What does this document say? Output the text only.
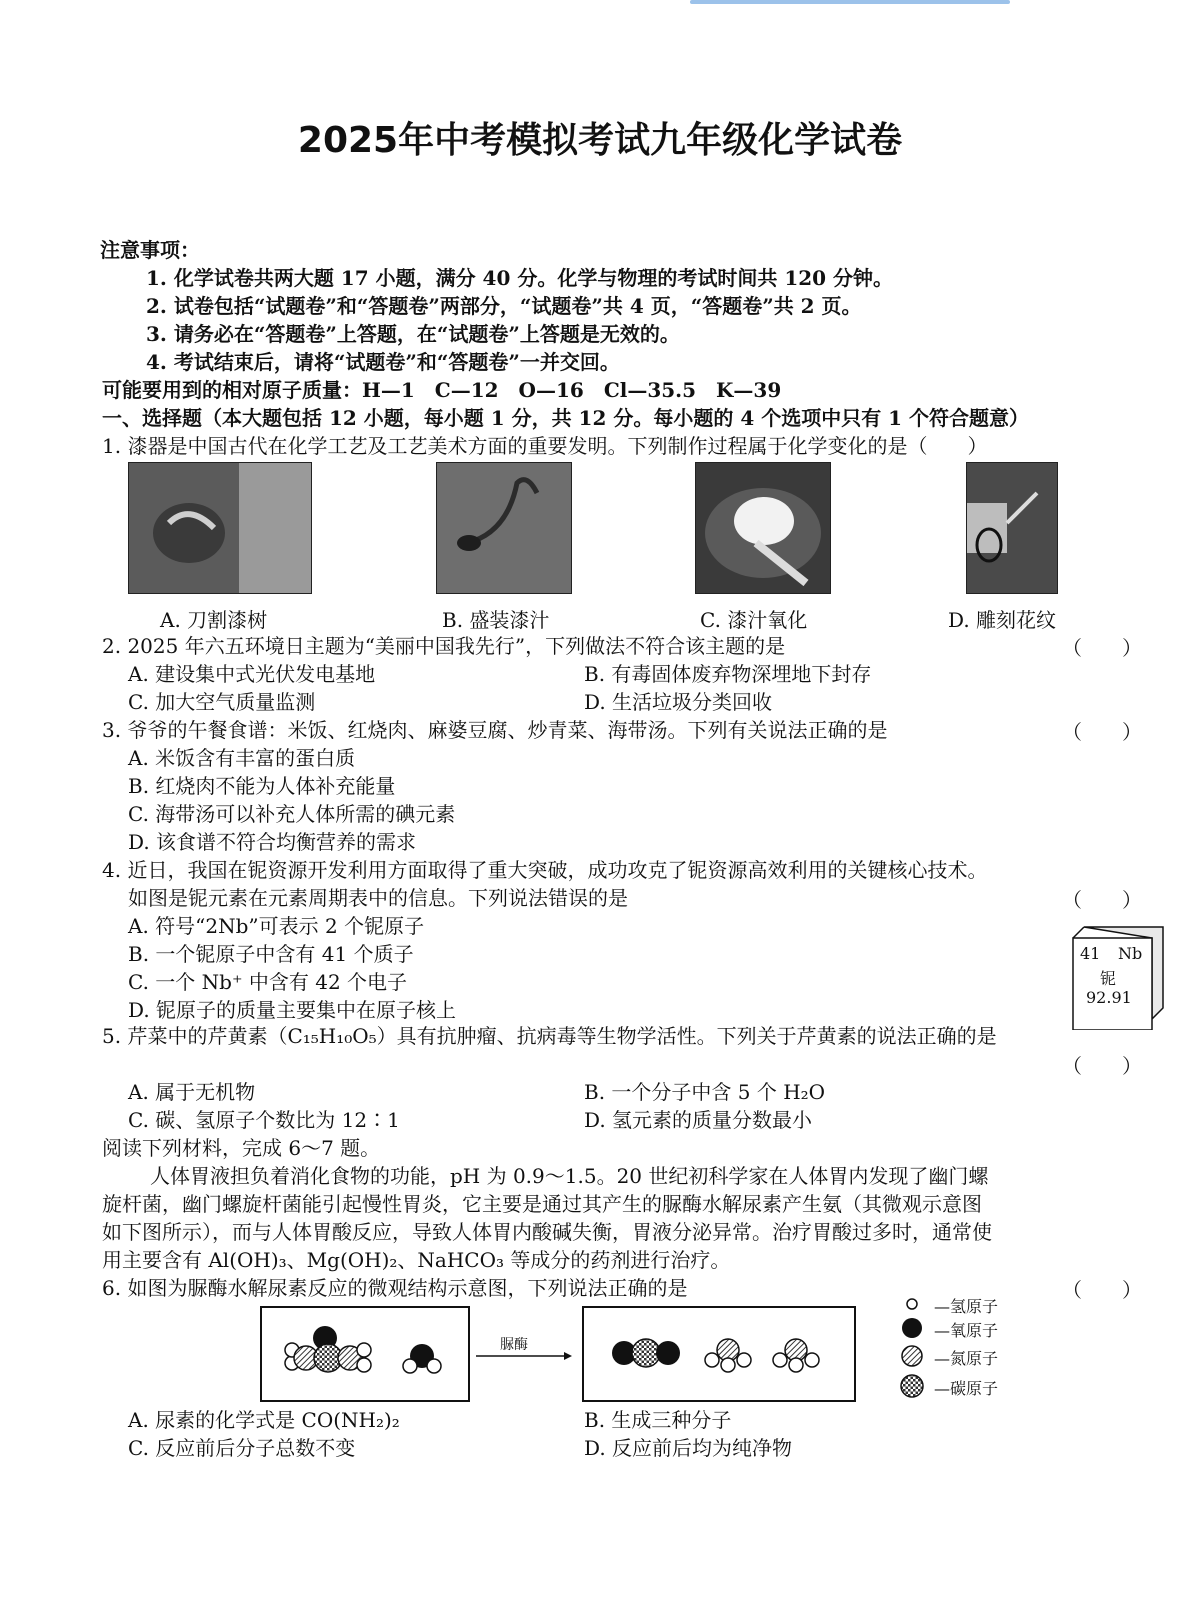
2025年中考模拟考试九年级化学试卷
注意事项：
1. 化学试卷共两大题 17 小题，满分 40 分。化学与物理的考试时间共 120 分钟。
2. 试卷包括“试题卷”和“答题卷”两部分，“试题卷”共 4 页，“答题卷”共 2 页。
3. 请务必在“答题卷”上答题，在“试题卷”上答题是无效的。
4. 考试结束后，请将“试题卷”和“答题卷”一并交回。
可能要用到的相对原子质量：H—1　C—12　O—16　Cl—35.5　K—39
一、选择题（本大题包括 12 小题，每小题 1 分，共 12 分。每小题的 4 个选项中只有 1 个符合题意）
1. 漆器是中国古代在化学工艺及工艺美术方面的重要发明。下列制作过程属于化学变化的是（　　）
A. 刀割漆树	B. 盛装漆汁	C. 漆汁氧化	D. 雕刻花纹
2. 2025 年六五环境日主题为“美丽中国我先行”，下列做法不符合该主题的是	（　　）
A. 建设集中式光伏发电基地	B. 有毒固体废弃物深埋地下封存
C. 加大空气质量监测	D. 生活垃圾分类回收
3. 爷爷的午餐食谱：米饭、红烧肉、麻婆豆腐、炒青菜、海带汤。下列有关说法正确的是	（　　）
A. 米饭含有丰富的蛋白质
B. 红烧肉不能为人体补充能量
C. 海带汤可以补充人体所需的碘元素
D. 该食谱不符合均衡营养的需求
4. 近日，我国在铌资源开发利用方面取得了重大突破，成功攻克了铌资源高效利用的关键核心技术。
如图是铌元素在元素周期表中的信息。下列说法错误的是	（　　）
A. 符号“2Nb”可表示 2 个铌原子
B. 一个铌原子中含有 41 个质子
C. 一个 Nb⁺ 中含有 42 个电子
D. 铌原子的质量主要集中在原子核上
41 Nb
铌
92.91
5. 芹菜中的芹黄素（C₁₅H₁₀O₅）具有抗肿瘤、抗病毒等生物学活性。下列关于芹黄素的说法正确的是
（　　）
A. 属于无机物	B. 一个分子中含 5 个 H₂O
C. 碳、氢原子个数比为 12∶1	D. 氢元素的质量分数最小
阅读下列材料，完成 6～7 题。
人体胃液担负着消化食物的功能，pH 为 0.9～1.5。20 世纪初科学家在人体胃内发现了幽门螺
旋杆菌，幽门螺旋杆菌能引起慢性胃炎，它主要是通过其产生的脲酶水解尿素产生氨（其微观示意图
如下图所示），而与人体胃酸反应，导致人体胃内酸碱失衡，胃液分泌异常。治疗胃酸过多时，通常使
用主要含有 Al(OH)₃、Mg(OH)₂、NaHCO₃ 等成分的药剂进行治疗。
6. 如图为脲酶水解尿素反应的微观结构示意图，下列说法正确的是	（　　）
脲酶
—氢原子
—氧原子
—氮原子
—碳原子
A. 尿素的化学式是 CO(NH₂)₂	B. 生成三种分子
C. 反应前后分子总数不变	D. 反应前后均为纯净物
